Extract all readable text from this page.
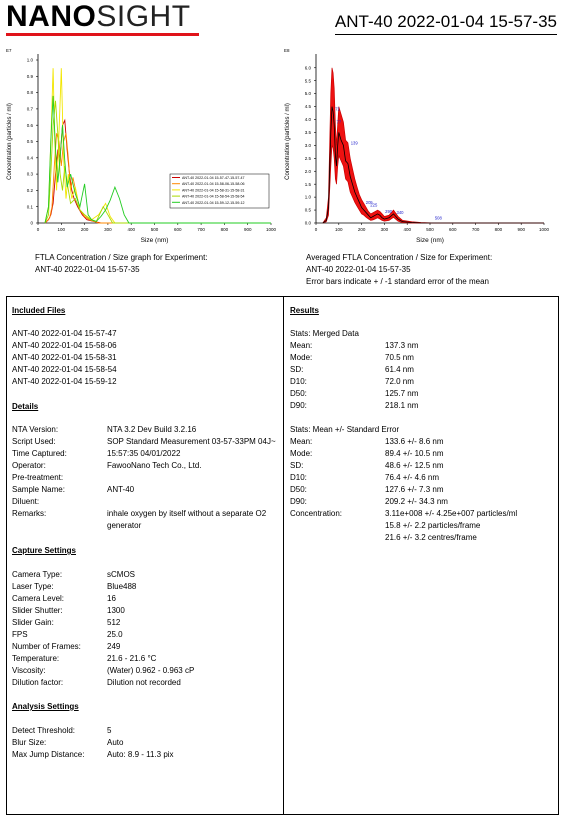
NANOSIGHT	ANT-40 2022-01-04 15-57-35
0	100	200	300	400	500	600	700	800	900	1000
0
0.1
0.2
0.3
0.4
0.5
0.6
0.7
0.8
0.9
1.0
Size (nm)
Concentration (particles / ml)
E7
ANT-40 2022-01-04 15-57-47-15-57-47
ANT-40 2022-01-04 15-58-06-15-58-06
ANT-40 2022-01-04 15-58-31-15-58-31
ANT-40 2022-01-04 15-58-54-15-58-54
ANT-40 2022-01-04 15-59-12-15-59-12
0	100	200	300	400	500	600	700	800	900	1000
0.0
0.5
1.0
1.5
2.0
2.5
3.0
3.5
4.0
4.5
5.0
5.5
6.0
Size (nm)
Concentration (particles / ml)
E8
71
77
139
205
225
290 340
508
FTLA Concentration / Size graph for Experiment:
ANT-40 2022-01-04 15-57-35
Averaged FTLA Concentration / Size for Experiment:
ANT-40 2022-01-04 15-57-35
Error bars indicate + / -1 standard error of the mean
Included Files
ANT-40 2022-01-04 15-57-47
ANT-40 2022-01-04 15-58-06
ANT-40 2022-01-04 15-58-31
ANT-40 2022-01-04 15-58-54
ANT-40 2022-01-04 15-59-12
Details
NTA Version:	NTA 3.2 Dev Build 3.2.16
Script Used:	SOP Standard Measurement 03-57-33PM 04J~
Time Captured:	15:57:35 04/01/2022
Operator:	FawooNano Tech Co., Ltd.
Pre-treatment:
Sample Name:	ANT-40
Diluent:
Remarks:	inhale oxygen by itself without a separate O2
generator
Capture Settings
Camera Type:	sCMOS
Laser Type:	Blue488
Camera Level:	16
Slider Shutter:	1300
Slider Gain:	512
FPS	25.0
Number of Frames:	249
Temperature:	21.6 - 21.6 °C
Viscosity:	(Water) 0.962 - 0.963 cP
Dilution factor:	Dilution not recorded
Analysis Settings
Detect Threshold:	5
Blur Size:	Auto
Max Jump Distance:	Auto: 8.9 - 11.3 pix
Results
Stats: Merged Data
Mean:	137.3 nm
Mode:	70.5 nm
SD:	61.4 nm
D10:	72.0 nm
D50:	125.7 nm
D90:	218.1 nm
Stats: Mean +/- Standard Error
Mean:	133.6 +/- 8.6 nm
Mode:	89.4 +/- 10.5 nm
SD:	48.6 +/- 12.5 nm
D10:	76.4 +/- 4.6 nm
D50:	127.6 +/- 7.3 nm
D90:	209.2 +/- 34.3 nm
Concentration:	3.11e+008 +/- 4.25e+007 particles/ml
15.8 +/- 2.2 particles/frame
21.6 +/- 3.2 centres/frame
